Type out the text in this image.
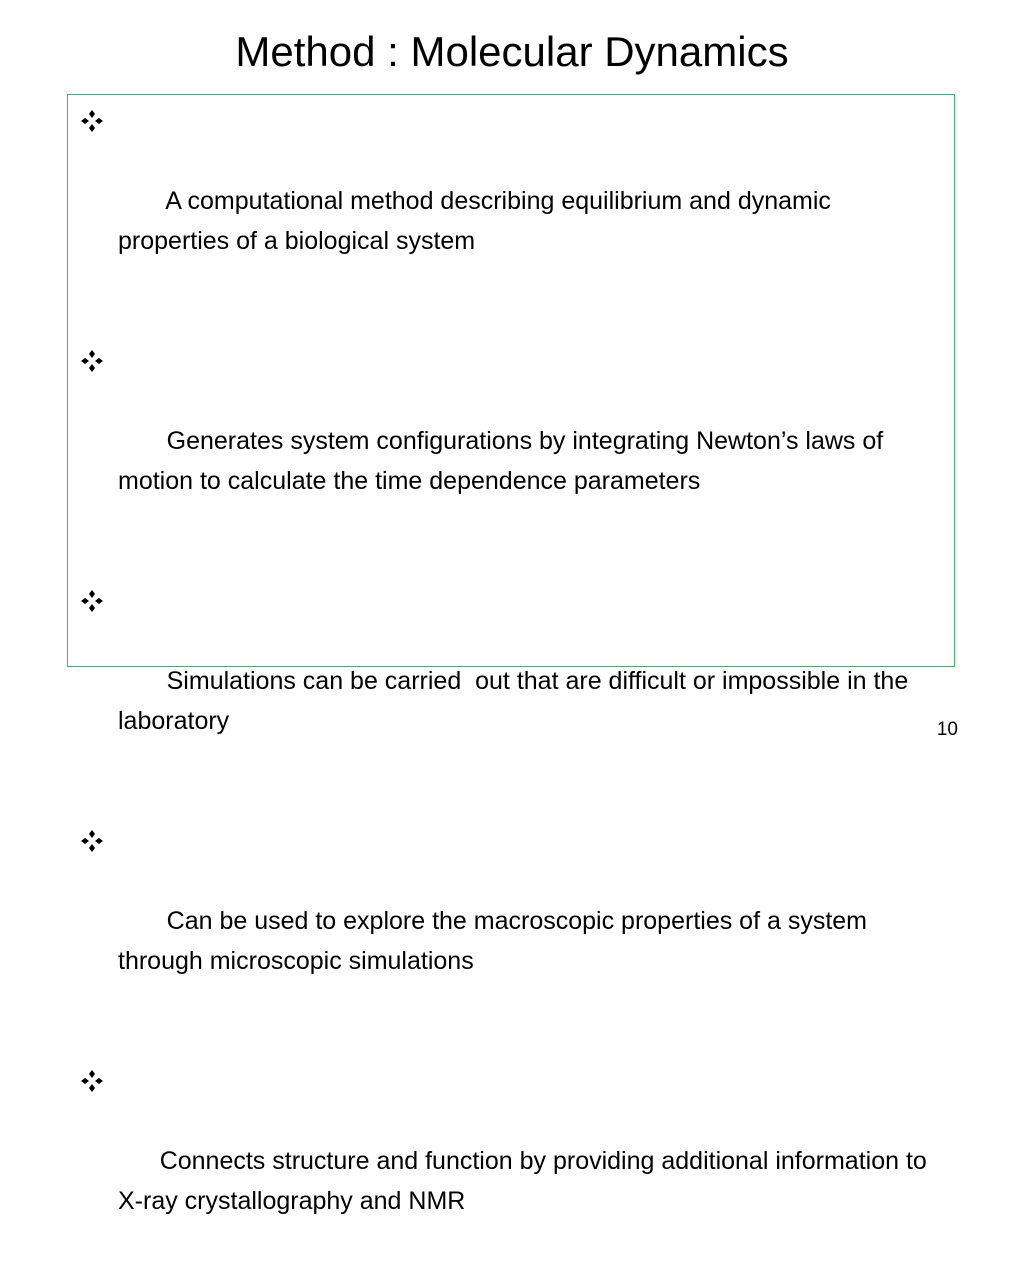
Method : Molecular Dynamics

A computational method describing equilibrium and dynamic properties of a biological system

Generates system configurations by integrating Newton’s laws of motion to calculate the time dependence parameters

Simulations can be carried  out that are difficult or impossible in the laboratory

Can be used to explore the macroscopic properties of a system through microscopic simulations

Connects structure and function by providing additional information to X-ray crystallography and NMR

10
